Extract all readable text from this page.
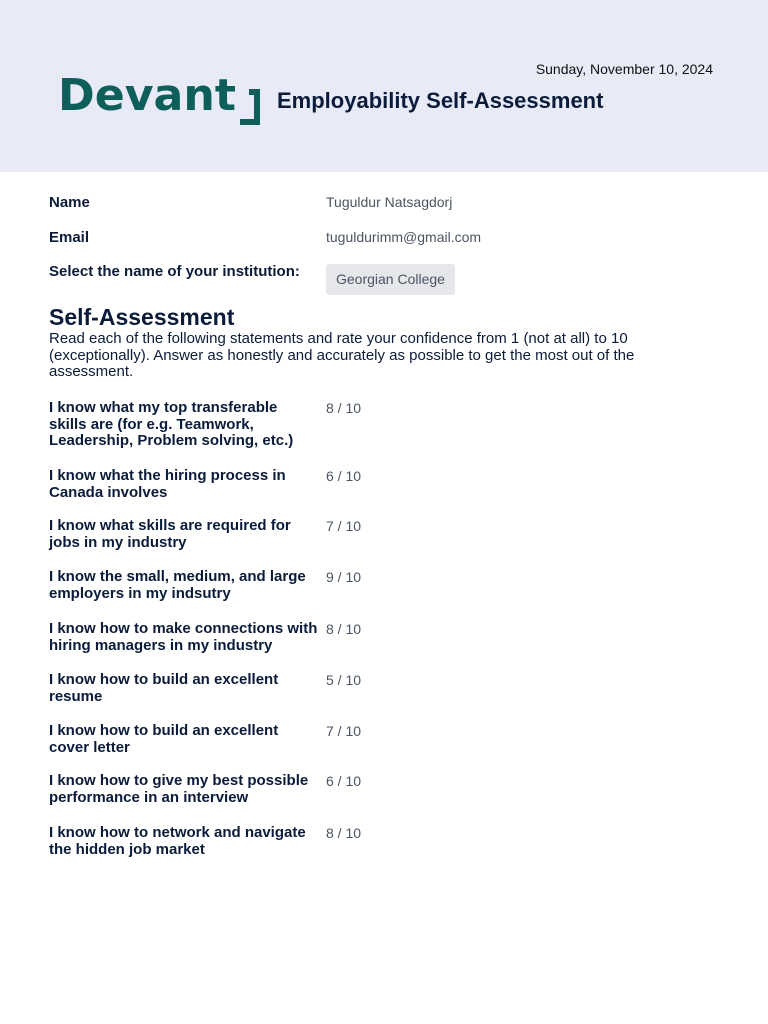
Devant Employability Self-Assessment
Sunday, November 10, 2024
Name	Tuguldur Natsagdorj
Email	tuguldurimm@gmail.com
Select the name of your institution:	Georgian College
Self-Assessment
Read each of the following statements and rate your confidence from 1 (not at all) to 10 (exceptionally). Answer as honestly and accurately as possible to get the most out of the assessment.
I know what my top transferable skills are (for e.g. Teamwork, Leadership, Problem solving, etc.)
8 / 10
I know what the hiring process in Canada involves
6 / 10
I know what skills are required for jobs in my industry
7 / 10
I know the small, medium, and large employers in my indsutry
9 / 10
I know how to make connections with hiring managers in my industry
8 / 10
I know how to build an excellent resume
5 / 10
I know how to build an excellent cover letter
7 / 10
I know how to give my best possible performance in an interview
6 / 10
I know how to network and navigate the hidden job market
8 / 10
